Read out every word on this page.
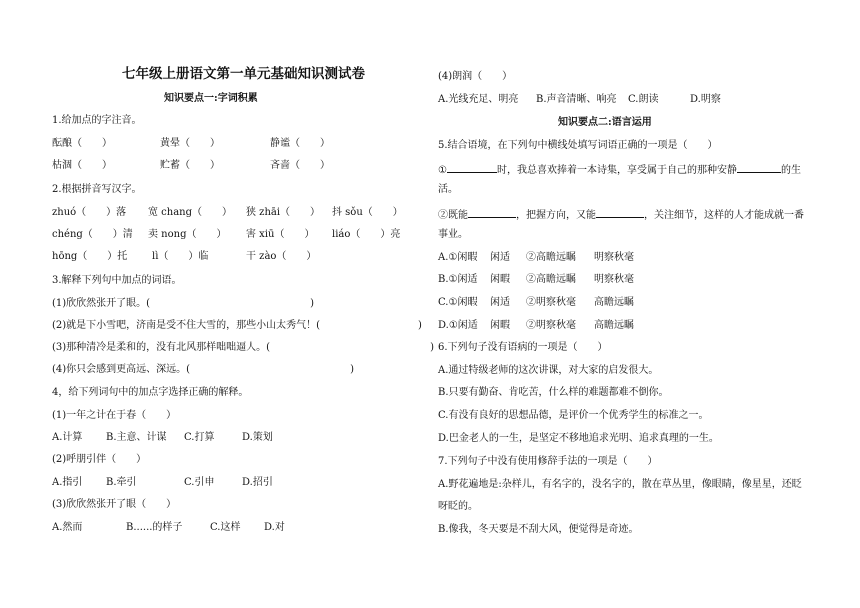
七年级上册语文第一单元基础知识测试卷
知识要点一:字词积累
1.给加点的字注音。
酝酿（　　）	黄晕（　　）	静谧（　　）
枯涸（　　）	贮蓄（　　）	吝啬（　　）
2.根据拼音写汉字。
zhuó（　　）落 宽 chang（　　） 狭 zhāi（　　） 抖 sǒu（　　）
chéng（　　）清 卖 nong（　　） 害 xiū（　　） liáo（　　）亮
hōng（　　）托 lì（　　）临	干 zào（　　）
3.解释下列句中加点的词语。
(1)欣欣然张开了眼。(　　　　　　　　　　　　　　　　)
(2)就是下小雪吧，济南是受不住大雪的，那些小山太秀气！(	)
(3)那种清冷是柔和的，没有北风那样咄咄逼人。(　　　　　　　　　　　　　　　　)
(4)你只会感到更高远、深远。(　　　　　　　　　　　　　　　　)
4，给下列词句中的加点字选择正确的解释。
(1)一年之计在于春（　　）
A.计算 B.主意、计谋 C.打算	D.策划
(2)呼朋引伴（　　）
A.指引 B.牵引	C.引申	D.招引
(3)欣欣然张开了眼（　　）
A.然而	B......的样子	C.这样 D.对
(4)朗润（　　）
A.光线充足、明亮 B.声音清晰、响亮 C.朗读	D.明察
知识要点二:语言运用
5.结合语境，在下列句中横线处填写词语正确的一项是（　　）
①	时，我总喜欢捧着一本诗集，享受属于自己的那种安静	的生
活。
②既能	，把握方向，又能	，关注细节，这样的人才能成就一番
事业。
A.①闲暇 闲适 ②高瞻远瞩 明察秋毫
B.①闲适 闲暇 ②高瞻远瞩 明察秋毫
C.①闲暇 闲适 ②明察秋毫 高瞻远瞩
D.①闲适 闲暇 ②明察秋毫 高瞻远瞩
6.下列句子没有语病的一项是（　　）
A.通过特级老师的这次讲课，对大家的启发很大。
B.只要有勤奋、肯吃苦，什么样的难题都难不倒你。
C.有没有良好的思想品德，是评价一个优秀学生的标准之一。
D.巴金老人的一生，是坚定不移地追求光明、追求真理的一生。
7.下列句子中没有使用修辞手法的一项是（　　）
A.野花遍地是:杂样儿，有名字的，没名字的，散在草丛里，像眼睛，像星星，还眨
呀眨的。
B.像我，冬天要是不刮大风，便觉得是奇迹。
